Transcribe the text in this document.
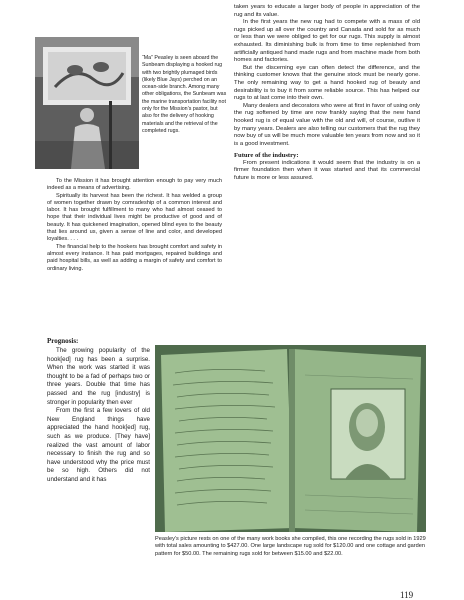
“Ma” Peasley is seen aboard the Sunbeam displaying a hooked rug with two brightly plumaged birds (likely Blue Jays) perched on an ocean-side branch. Among many other obligations, the Sunbeam was the marine transportation facility not only for the Mission’s pastor, but also for the delivery of hooking materials and the retrieval of the completed rugs.

To the Mission it has brought attention enough to pay very much indeed as a means of advertising.

Spiritually its harvest has been the richest. It has welded a group of women together drawn by comradeship of a common interest and labor. It has brought fulfillment to many who had almost ceased to hope that their individual lives might be productive of good and of beauty. It has quickened imagination, opened blind eyes to the beauty that lies around us, given a sense of line and color, and developed loyalties. . . .

The financial help to the hookers has brought comfort and safety in almost every instance. It has paid mortgages, repaired buildings and paid hospital bills, as well as adding a margin of safety and comfort to ordinary living.

Prognosis:

The growing popularity of the hook[ed] rug has been a surprise. When the work was started it was thought to be a fad of perhaps two or three years. Double that time has passed and the rug [industry] is stronger in popularity then ever

From the first a few lovers of old New England things have appreciated the hand hook[ed] rug, such as we produce. [They have] realized the vast amount of labor necessary to finish the rug and so have understood why the price must be so high. Others did not understand and it has

taken years to educate a larger body of people in appreciation of the rug and its value.

In the first years the new rug had to compete with a mass of old rugs picked up all over the country and Canada and sold for as much or less than we were obliged to get for our rugs. This supply is almost exhausted. Its diminishing bulk is from time to time replenished from artificially antiqued hand made rugs and from machine made from both homes and factories.

But the discerning eye can often detect the difference, and the thinking customer knows that the genuine stock must be nearly gone. The only remaining way to get a hand hooked rug of beauty and desirability is to buy it from some reliable source. This has helped our rugs to at last come into their own.

Many dealers and decorators who were at first in favor of using only the rug softened by time are now frankly saying that the new hand hooked rug is of equal value with the old and will, of course, outlive it by many years. Dealers are also telling our customers that the rug they now buy of us will be much more valuable ten years from now and so it is a good investment.

Future of the industry:

From present indications it would seem that the industry is on a firmer foundation then when it was started and that its commercial future is more or less assured.

Peasley’s picture rests on one of the many work books she compiled, this one recording the rugs sold in 1929 with total sales amounting to $427.00. One large landscape rug sold for $120.00 and one cottage and garden pattern for $50.00. The remaining rugs sold for between $15.00 and $22.00.

119
